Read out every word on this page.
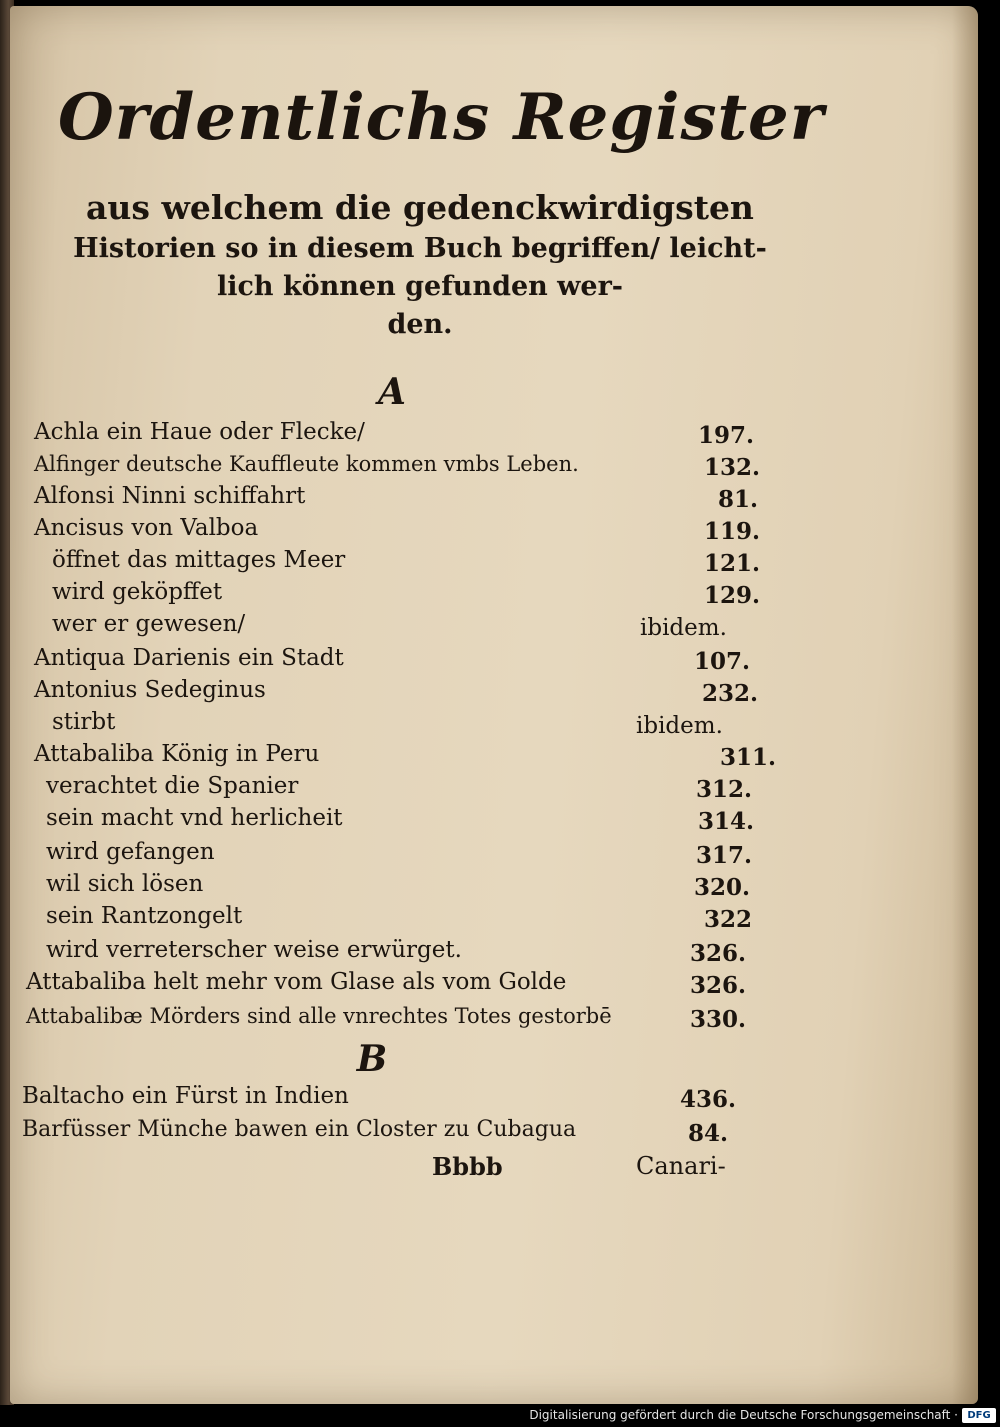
Ordentlichs Register
aus welchem die gedenckwirdigsten
Historien so in diesem Buch begriffen/ leicht-
lich können gefunden wer-
den.
A
B
Achla ein Haue oder Flecke/	197.
Alfinger deutsche Kauffleute kommen vmbs Leben.	132.
Alfonsi Ninni schiffahrt	81.
Ancisus von Valboa	119.
öffnet das mittages Meer	121.
wird geköpffet	129.
wer er gewesen/	ibidem.
Antiqua Darienis ein Stadt	107.
Antonius Sedeginus	232.
stirbt	ibidem.
Attabaliba König in Peru	311.
verachtet die Spanier	312.
sein macht vnd herlicheit	314.
wird gefangen	317.
wil sich lösen	320.
sein Rantzongelt	322
wird verreterscher weise erwürget.	326.
Attabaliba helt mehr vom Glase als vom Golde	326.
Attabalibæ Mörders sind alle vnrechtes Totes gestorbē	330.
Baltacho ein Fürst in Indien	436.
Barfüsser Münche bawen ein Closter zu Cubagua	84.
Bbbb	Canari-
Digitalisierung gefördert durch die Deutsche Forschungsgemeinschaft · DFG
